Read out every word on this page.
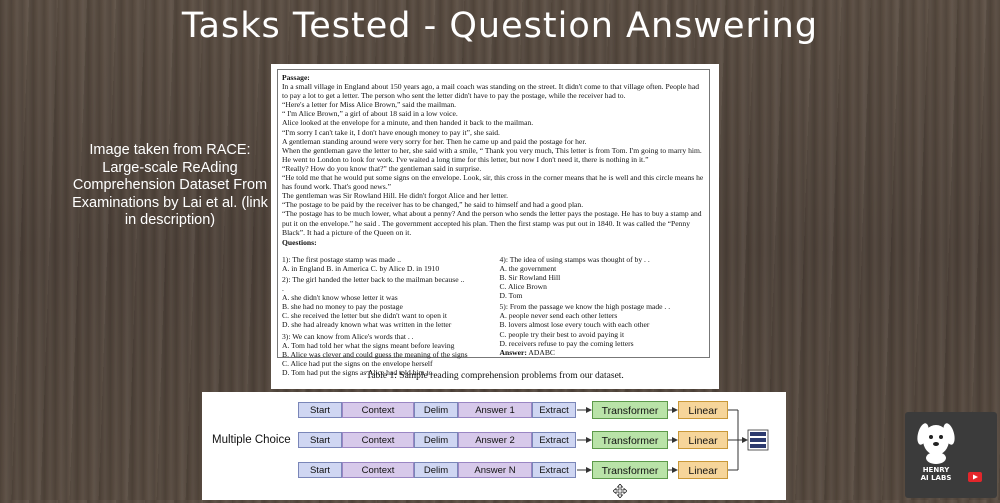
Tasks Tested - Question Answering
Image taken from RACE: Large-scale ReAding Comprehension Dataset From Examinations by Lai et al. (link in description)
Passage:

In a small village in England about 150 years ago, a mail coach was standing on the street. It didn't come to that village often. People had to pay a lot to get a letter. The person who sent the letter didn't have to pay the postage, while the receiver had to.

“Here's a letter for Miss Alice Brown,” said the mailman.

“ I'm Alice Brown,” a girl of about 18 said in a low voice.

Alice looked at the envelope for a minute, and then handed it back to the mailman.

“I'm sorry I can't take it, I don't have enough money to pay it”, she said.

A gentleman standing around were very sorry for her. Then he came up and paid the postage for her.

When the gentleman gave the letter to her, she said with a smile, “ Thank you very much, This letter is from Tom. I'm going to marry him. He went to London to look for work. I've waited a long time for this letter, but now I don't need it, there is nothing in it.”

“Really? How do you know that?” the gentleman said in surprise.

“He told me that he would put some signs on the envelope. Look, sir, this cross in the corner means that he is well and this circle means he has found work. That's good news.”

The gentleman was Sir Rowland Hill. He didn't forgot Alice and her letter.

“The postage to be paid by the receiver has to be changed,” he said to himself and had a good plan.

“The postage has to be much lower, what about a penny? And the person who sends the letter pays the postage. He has to buy a stamp and put it on the envelope.” he said . The government accepted his plan. Then the first stamp was put out in 1840. It was called the “Penny Black”. It had a picture of the Queen on it.

Questions:

1): The first postage stamp was made ..

A. in England B. in America C. by Alice D. in 1910

2): The girl handed the letter back to the mailman because ..

.

A. she didn't know whose letter it was

B. she had no money to pay the postage

C. she received the letter but she didn't want to open it

D. she had already known what was written in the letter

3): We can know from Alice's words that . .

A. Tom had told her what the signs meant before leaving

B. Alice was clever and could guess the meaning of the signs

C. Alice had put the signs on the envelope herself

D. Tom had put the signs as Alice had told him to

4): The idea of using stamps was thought of by . .

A. the government

B. Sir Rowland Hill

C. Alice Brown

D. Tom

5): From the passage we know the high postage made . .

A. people never send each other letters

B. lovers almost lose every touch with each other

C. people try their best to avoid paying it

D. receivers refuse to pay the coming letters

Answer: ADABC

Table 1: Sample reading comprehension problems from our dataset.
Multiple Choice
Start	Context	Delim	Answer 1	Extract	Transformer	Linear
Start	Context	Delim	Answer 2	Extract	Transformer	Linear
Start	Context	Delim	Answer N	Extract	Transformer	Linear	HENRY
AI LABS
